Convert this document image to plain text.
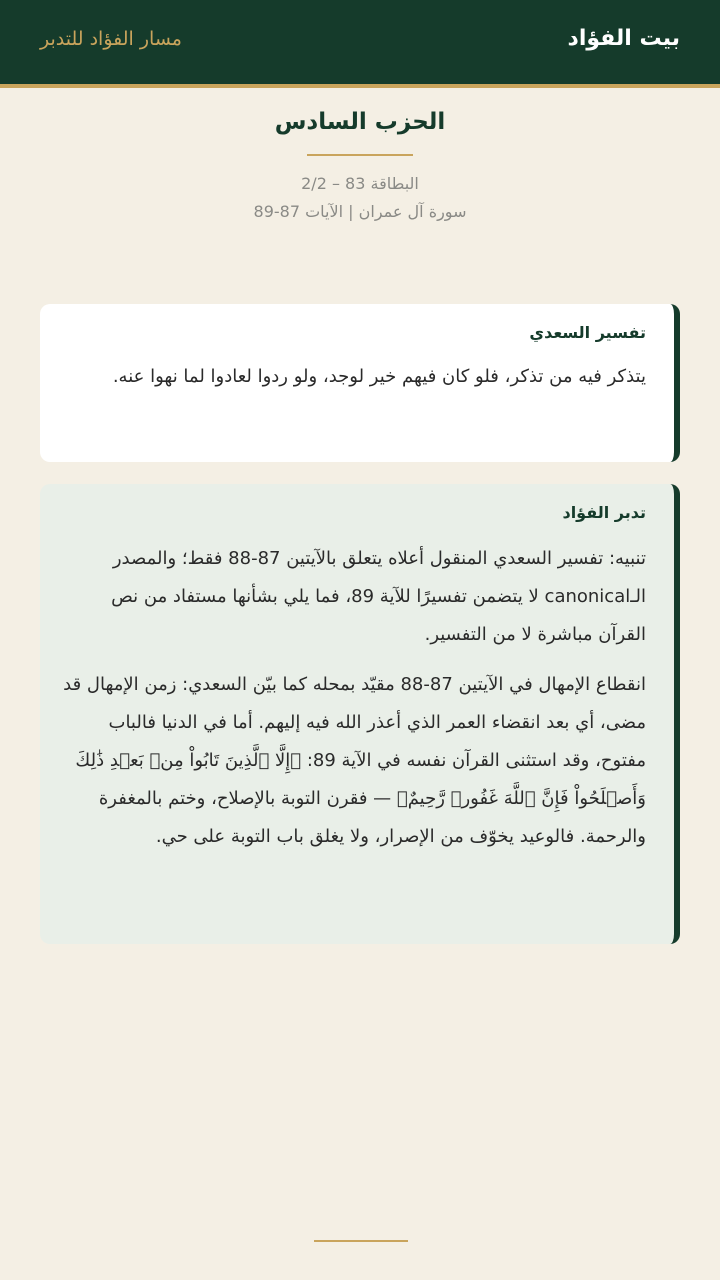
بيت الفؤاد
مسار الفؤاد للتدبر
الحزب السادس
البطاقة 83 – 2/2
سورة آل عمران | الآيات 87-89
تفسير السعدي
يتذكر فيه من تذكر، فلو كان فيهم خير لوجد، ولو ردوا لعادوا لما نهوا عنه.
تدبر الفؤاد
تنبيه: تفسير السعدي المنقول أعلاه يتعلق بالآيتين 87-88 فقط؛ والمصدر الـcanonical لا يتضمن تفسيرًا للآية 89، فما يلي بشأنها مستفاد من نص القرآن مباشرة لا من التفسير.
انقطاع الإمهال في الآيتين 87-88 مقيّد بمحله كما بيّن السعدي: زمن الإمهال قد مضى، أي بعد انقضاء العمر الذي أعذر الله فيه إليهم. أما في الدنيا فالباب مفتوح، وقد استثنى القرآن نفسه في الآية 89: ﴿إِلَّا ٱلَّذِينَ تَابُواْ مِنۢ بَعۡدِ ذَٰلِكَ وَأَصۡلَحُواْ فَإِنَّ ٱللَّهَ غَفُورٞ رَّحِيمٌ﴾ — فقرن التوبة بالإصلاح، وختم بالمغفرة والرحمة. فالوعيد يخوّف من الإصرار، ولا يغلق باب التوبة على حي.
